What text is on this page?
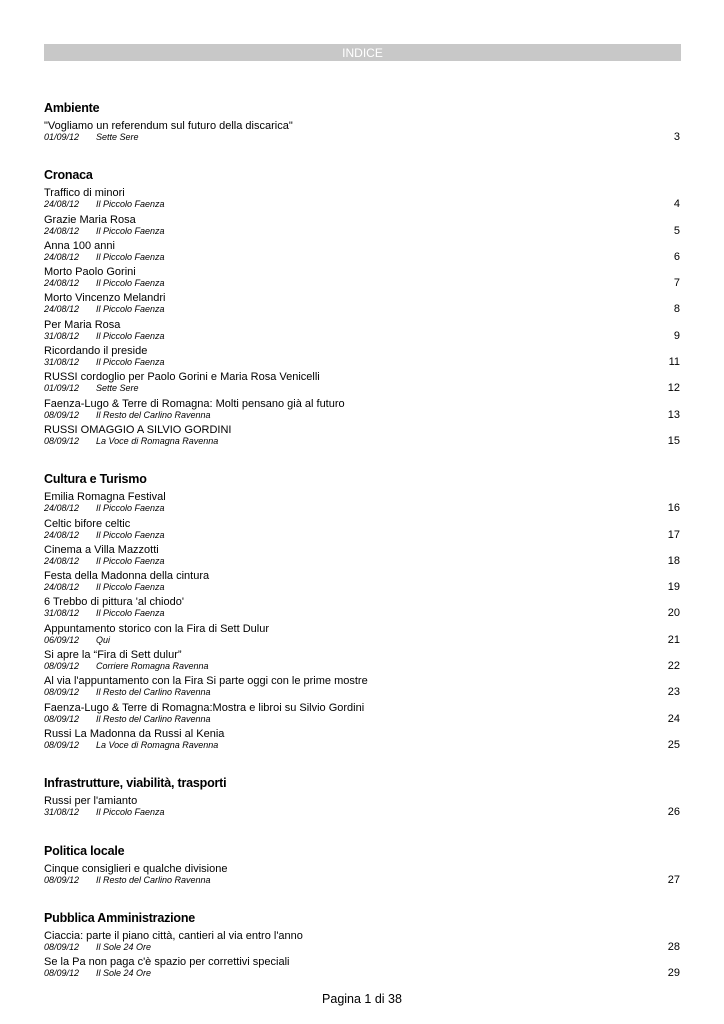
INDICE
Ambiente
"Vogliamo un referendum sul futuro della discarica"
01/09/12 Sette Sere	3
Cronaca
Traffico di minori
24/08/12 Il Piccolo Faenza	4
Grazie Maria Rosa
24/08/12 Il Piccolo Faenza	5
Anna 100 anni
24/08/12 Il Piccolo Faenza	6
Morto Paolo Gorini
24/08/12 Il Piccolo Faenza	7
Morto Vincenzo Melandri
24/08/12 Il Piccolo Faenza	8
Per Maria Rosa
31/08/12 Il Piccolo Faenza	9
Ricordando il preside
31/08/12 Il Piccolo Faenza	11
RUSSI cordoglio per Paolo Gorini e Maria Rosa Venicelli
01/09/12 Sette Sere	12
Faenza-Lugo & Terre di Romagna: Molti pensano già al futuro
08/09/12 Il Resto del Carlino Ravenna	13
RUSSI OMAGGIO A SILVIO GORDINI
08/09/12 La Voce di Romagna Ravenna	15
Cultura e Turismo
Emilia Romagna Festival
24/08/12 Il Piccolo Faenza	16
Celtic bifore celtic
24/08/12 Il Piccolo Faenza	17
Cinema a Villa Mazzotti
24/08/12 Il Piccolo Faenza	18
Festa della Madonna della cintura
24/08/12 Il Piccolo Faenza	19
6 Trebbo di pittura 'al chiodo'
31/08/12 Il Piccolo Faenza	20
Appuntamento storico con la Fira di Sett Dulur
06/09/12 Qui	21
Si apre la “Fira di Sett dulur”
08/09/12 Corriere Romagna Ravenna	22
Al via l'appuntamento con la Fira Si parte oggi con le prime mostre
08/09/12 Il Resto del Carlino Ravenna	23
Faenza-Lugo & Terre di Romagna:Mostra e libroi su Silvio Gordini
08/09/12 Il Resto del Carlino Ravenna	24
Russi La Madonna da Russi al Kenia
08/09/12 La Voce di Romagna Ravenna	25
Infrastrutture, viabilità, trasporti
Russi per l'amianto
31/08/12 Il Piccolo Faenza	26
Politica locale
Cinque consiglieri e qualche divisione
08/09/12 Il Resto del Carlino Ravenna	27
Pubblica Amministrazione
Ciaccia: parte il piano città, cantieri al via entro l'anno
08/09/12 Il Sole 24 Ore	28
Se la Pa non paga c'è spazio per correttivi speciali
08/09/12 Il Sole 24 Ore	29
Pagina 1 di 38
